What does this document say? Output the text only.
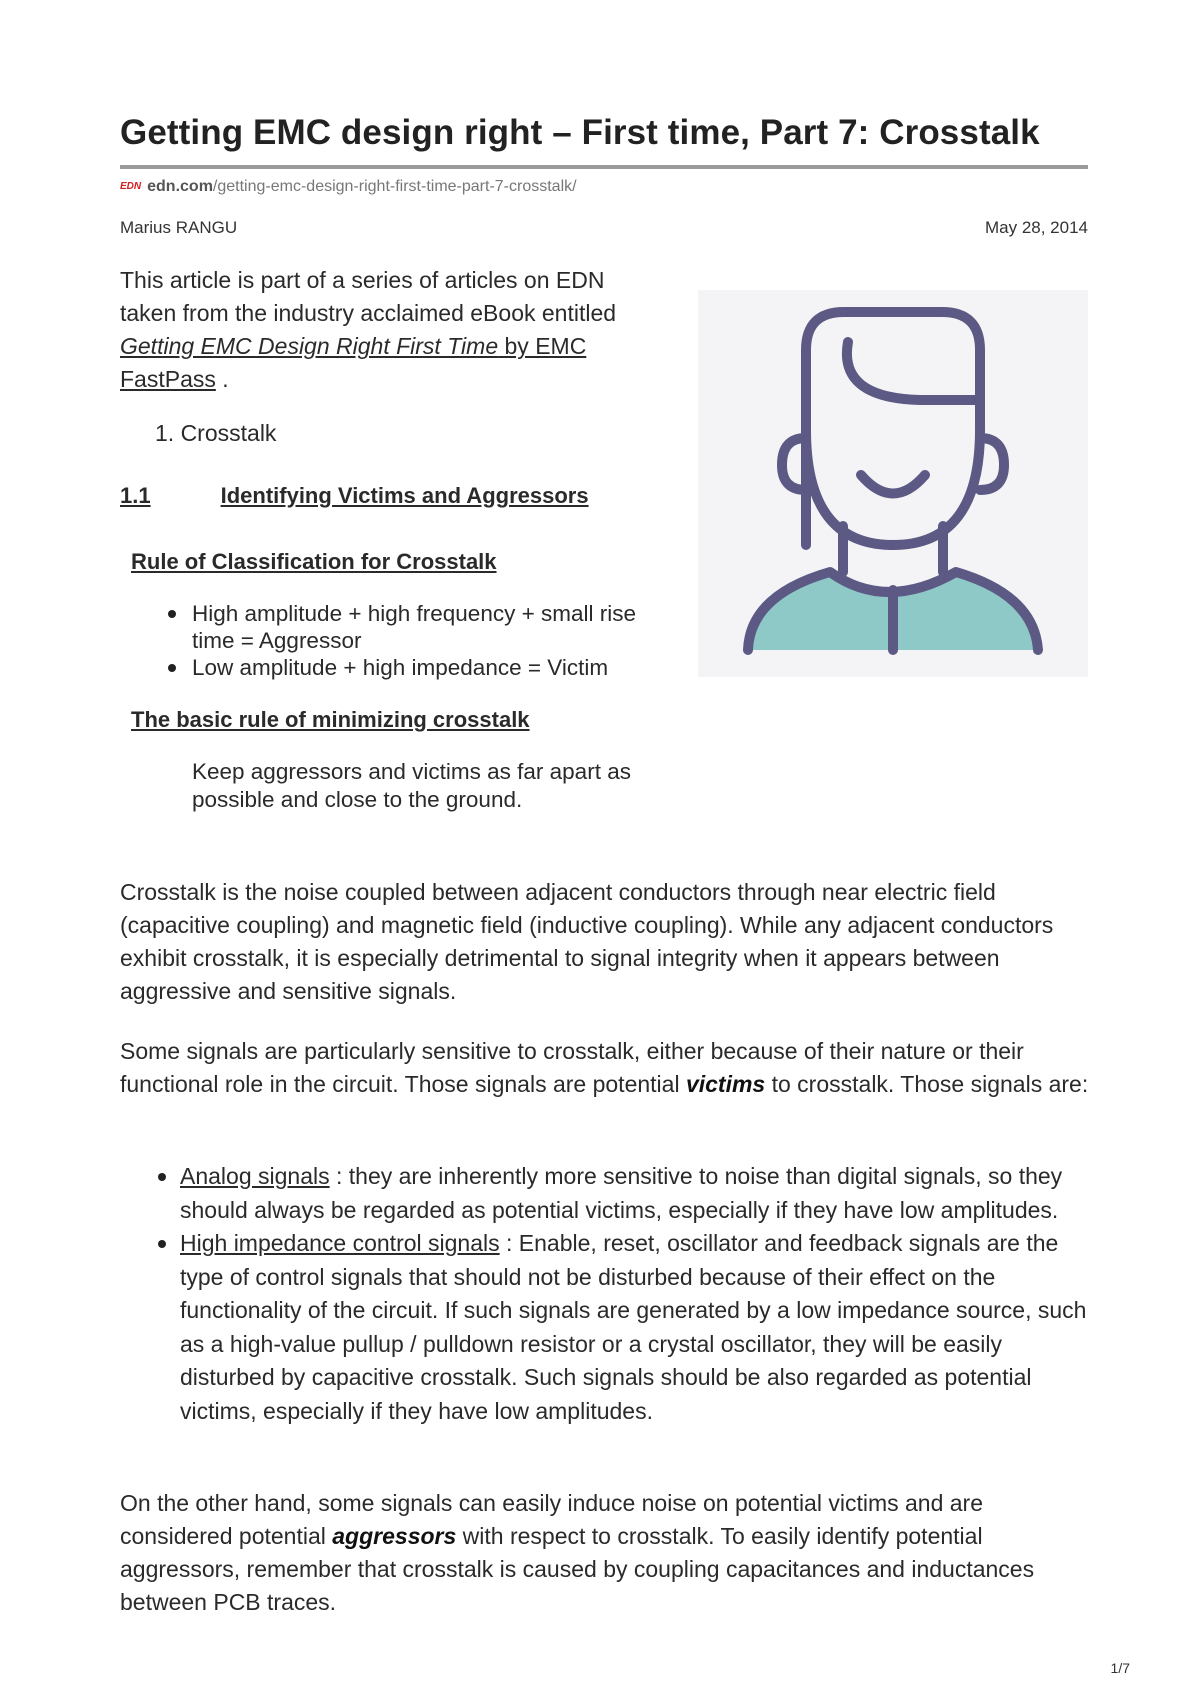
Getting EMC design right – First time, Part 7: Crosstalk
EDN edn.com/getting-emc-design-right-first-time-part-7-crosstalk/
Marius RANGU	May 28, 2014
This article is part of a series of articles on EDN taken from the industry acclaimed eBook entitled Getting EMC Design Right First Time by EMC FastPass .
1. Crosstalk
1.1	Identifying Victims and Aggressors
Rule of Classification for Crosstalk
High amplitude + high frequency + small rise time = Aggressor
Low amplitude + high impedance = Victim
The basic rule of minimizing crosstalk
Keep aggressors and victims as far apart as possible and close to the ground.
Crosstalk is the noise coupled between adjacent conductors through near electric field (capacitive coupling) and magnetic field (inductive coupling). While any adjacent conductors exhibit crosstalk, it is especially detrimental to signal integrity when it appears between aggressive and sensitive signals.
Some signals are particularly sensitive to crosstalk, either because of their nature or their functional role in the circuit. Those signals are potential victims to crosstalk. Those signals are:
Analog signals : they are inherently more sensitive to noise than digital signals, so they should always be regarded as potential victims, especially if they have low amplitudes.
High impedance control signals : Enable, reset, oscillator and feedback signals are the type of control signals that should not be disturbed because of their effect on the functionality of the circuit. If such signals are generated by a low impedance source, such as a high-value pullup / pulldown resistor or a crystal oscillator, they will be easily disturbed by capacitive crosstalk. Such signals should be also regarded as potential victims, especially if they have low amplitudes.
On the other hand, some signals can easily induce noise on potential victims and are considered potential aggressors with respect to crosstalk. To easily identify potential aggressors, remember that crosstalk is caused by coupling capacitances and inductances between PCB traces.
1/7
